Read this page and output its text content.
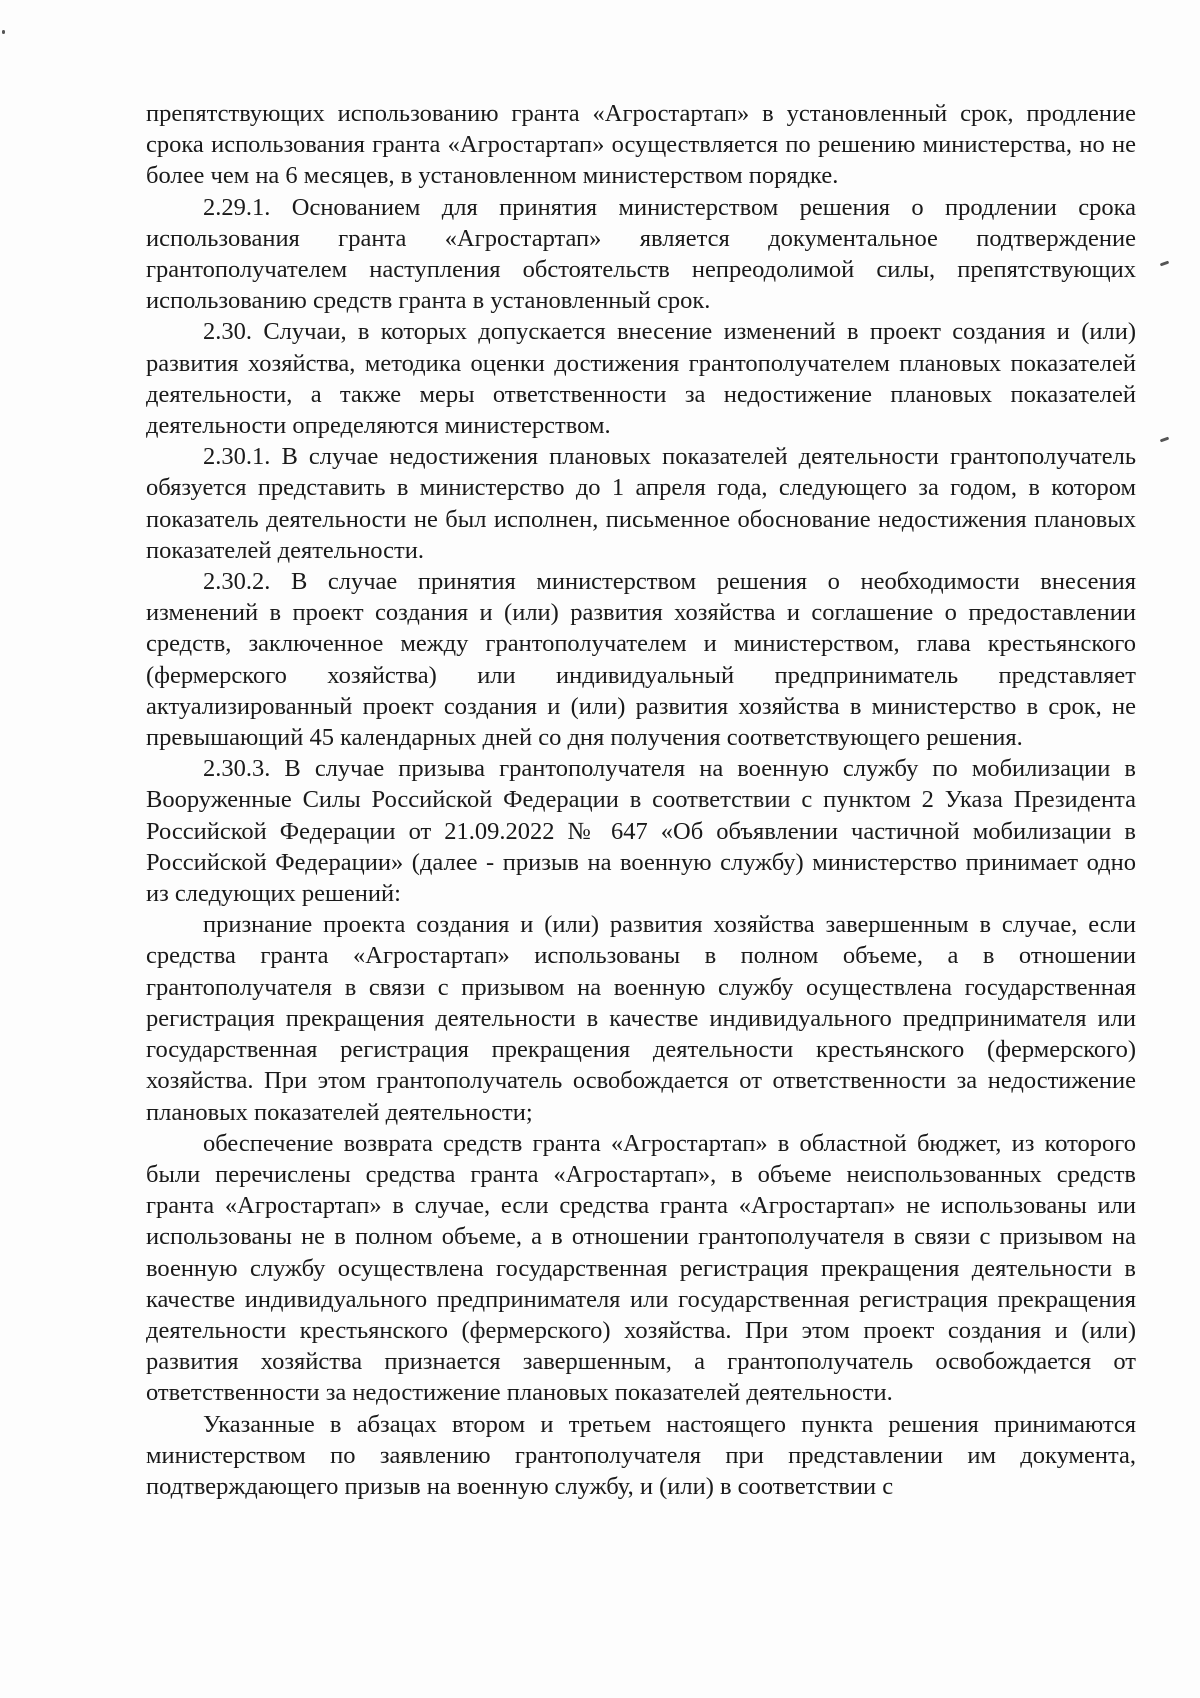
препятствующих использованию гранта «Агростартап» в установленный срок, продление срока использования гранта «Агростартап» осуществляется по решению министерства, но не более чем на 6 месяцев, в установленном министерством порядке.

2.29.1. Основанием для принятия министерством решения о продлении срока использования гранта «Агростартап» является документальное подтверждение грантополучателем наступления обстоятельств непреодолимой силы, препятствующих использованию средств гранта в установленный срок.

2.30. Случаи, в которых допускается внесение изменений в проект создания и (или) развития хозяйства, методика оценки достижения грантополучателем плановых показателей деятельности, а также меры ответственности за недостижение плановых показателей деятельности определяются министерством.

2.30.1. В случае недостижения плановых показателей деятельности грантополучатель обязуется представить в министерство до 1 апреля года, следующего за годом, в котором показатель деятельности не был исполнен, письменное обоснование недостижения плановых показателей деятельности.

2.30.2. В случае принятия министерством решения о необходимости внесения изменений в проект создания и (или) развития хозяйства и соглашение о предоставлении средств, заключенное между грантополучателем и министерством, глава крестьянского (фермерского хозяйства) или индивидуальный предприниматель представляет актуализированный проект создания и (или) развития хозяйства в министерство в срок, не превышающий 45 календарных дней со дня получения соответствующего решения.

2.30.3. В случае призыва грантополучателя на военную службу по мобилизации в Вооруженные Силы Российской Федерации в соответствии с пунктом 2 Указа Президента Российской Федерации от 21.09.2022 № 647 «Об объявлении частичной мобилизации в Российской Федерации» (далее - призыв на военную службу) министерство принимает одно из следующих решений:

признание проекта создания и (или) развития хозяйства завершенным в случае, если средства гранта «Агростартап» использованы в полном объеме, а в отношении грантополучателя в связи с призывом на военную службу осуществлена государственная регистрация прекращения деятельности в качестве индивидуального предпринимателя или государственная регистрация прекращения деятельности крестьянского (фермерского) хозяйства. При этом грантополучатель освобождается от ответственности за недостижение плановых показателей деятельности;

обеспечение возврата средств гранта «Агростартап» в областной бюджет, из которого были перечислены средства гранта «Агростартап», в объеме неиспользованных средств гранта «Агростартап» в случае, если средства гранта «Агростартап» не использованы или использованы не в полном объеме, а в отношении грантополучателя в связи с призывом на военную службу осуществлена государственная регистрация прекращения деятельности в качестве индивидуального предпринимателя или государственная регистрация прекращения деятельности крестьянского (фермерского) хозяйства. При этом проект создания и (или) развития хозяйства признается завершенным, а грантополучатель освобождается от ответственности за недостижение плановых показателей деятельности.

Указанные в абзацах втором и третьем настоящего пункта решения принимаются министерством по заявлению грантополучателя при представлении им документа, подтверждающего призыв на военную службу, и (или) в соответствии с
